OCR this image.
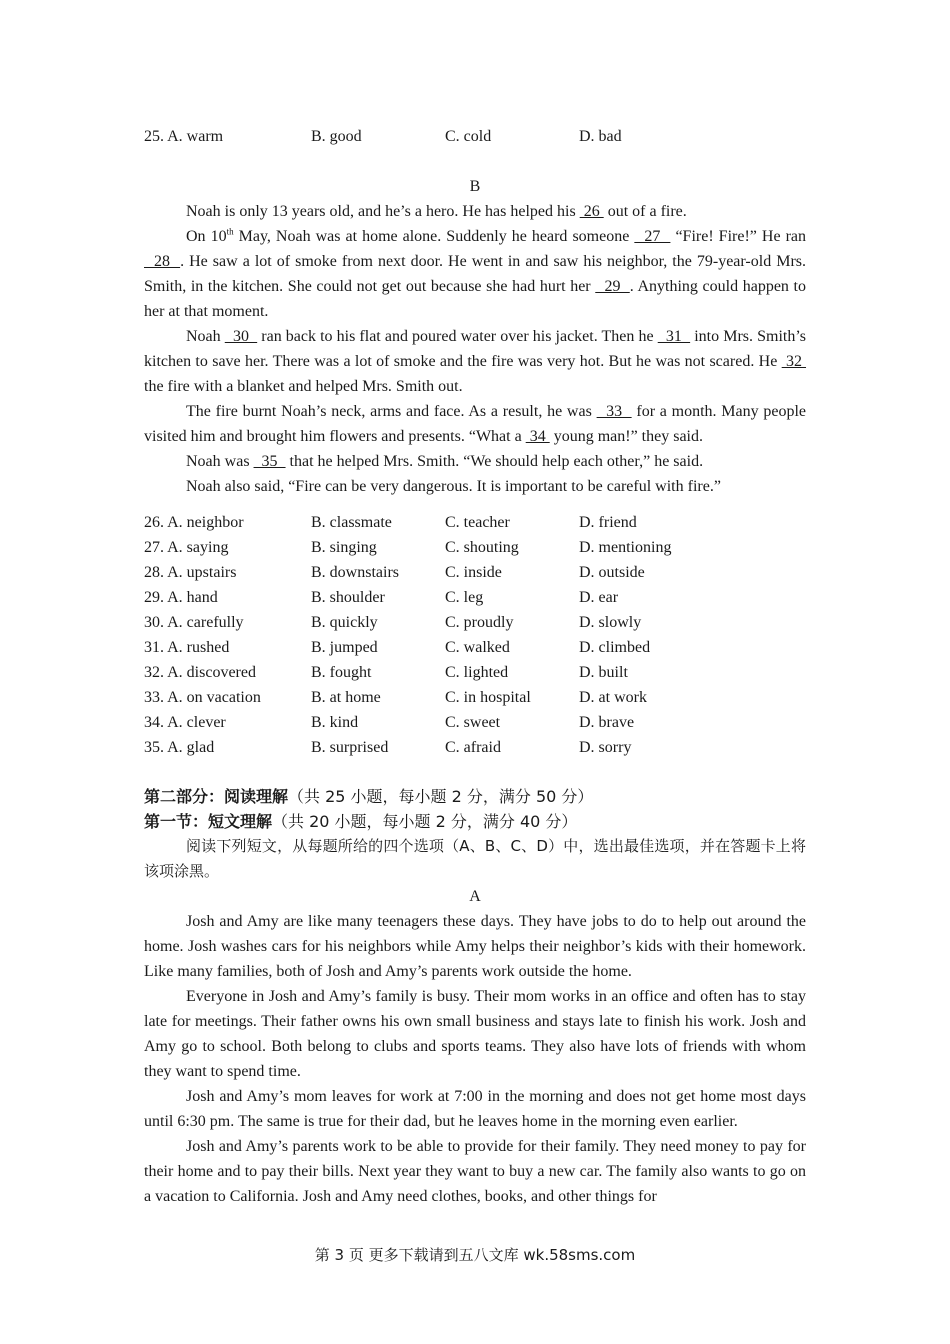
25. A. warm	B. good	C. cold	D. bad
B
Noah is only 13 years old, and he’s a hero. He has helped his  26  out of a fire.
On 10th May, Noah was at home alone. Suddenly he heard someone   27   “Fire! Fire!” He ran   28  . He saw a lot of smoke from next door. He went in and saw his neighbor, the 79-year-old Mrs. Smith, in the kitchen. She could not get out because she had hurt her   29  . Anything could happen to her at that moment.
Noah   30   ran back to his flat and poured water over his jacket. Then he   31   into Mrs. Smith’s kitchen to save her. There was a lot of smoke and the fire was very hot. But he was not scared. He  32  the fire with a blanket and helped Mrs. Smith out.
The fire burnt Noah’s neck, arms and face. As a result, he was   33   for a month. Many people visited him and brought him flowers and presents. “What a  34  young man!” they said.
Noah was   35   that he helped Mrs. Smith. “We should help each other,” he said.
Noah also said, “Fire can be very dangerous. It is important to be careful with fire.”
26. A. neighbor	B. classmate	C. teacher	D. friend
27. A. saying	B. singing	C. shouting	D. mentioning
28. A. upstairs	B. downstairs	C. inside	D. outside
29. A. hand	B. shoulder	C. leg	D. ear
30. A. carefully	B. quickly	C. proudly	D. slowly
31. A. rushed	B. jumped	C. walked	D. climbed
32. A. discovered	B. fought	C. lighted	D. built
33. A. on vacation	B. at home	C. in hospital	D. at work
34. A. clever	B. kind	C. sweet	D. brave
35. A. glad	B. surprised	C. afraid	D. sorry
第二部分：阅读理解（共 25 小题，每小题 2 分，满分 50 分）
第一节：短文理解（共 20 小题，每小题 2 分，满分 40 分）
阅读下列短文，从每题所给的四个选项（A、B、C、D）中，选出最佳选项，并在答题卡上将该项涂黑。
A
Josh and Amy are like many teenagers these days. They have jobs to do to help out around the home. Josh washes cars for his neighbors while Amy helps their neighbor’s kids with their homework. Like many families, both of Josh and Amy’s parents work outside the home.
Everyone in Josh and Amy’s family is busy. Their mom works in an office and often has to stay late for meetings. Their father owns his own small business and stays late to finish his work. Josh and Amy go to school. Both belong to clubs and sports teams. They also have lots of friends with whom they want to spend time.
Josh and Amy’s mom leaves for work at 7:00 in the morning and does not get home most days until 6:30 pm. The same is true for their dad, but he leaves home in the morning even earlier.
Josh and Amy’s parents work to be able to provide for their family. They need money to pay for their home and to pay their bills. Next year they want to buy a new car. The family also wants to go on a vacation to California. Josh and Amy need clothes, books, and other things for
第 3 页 更多下载请到五八文库 wk.58sms.com
